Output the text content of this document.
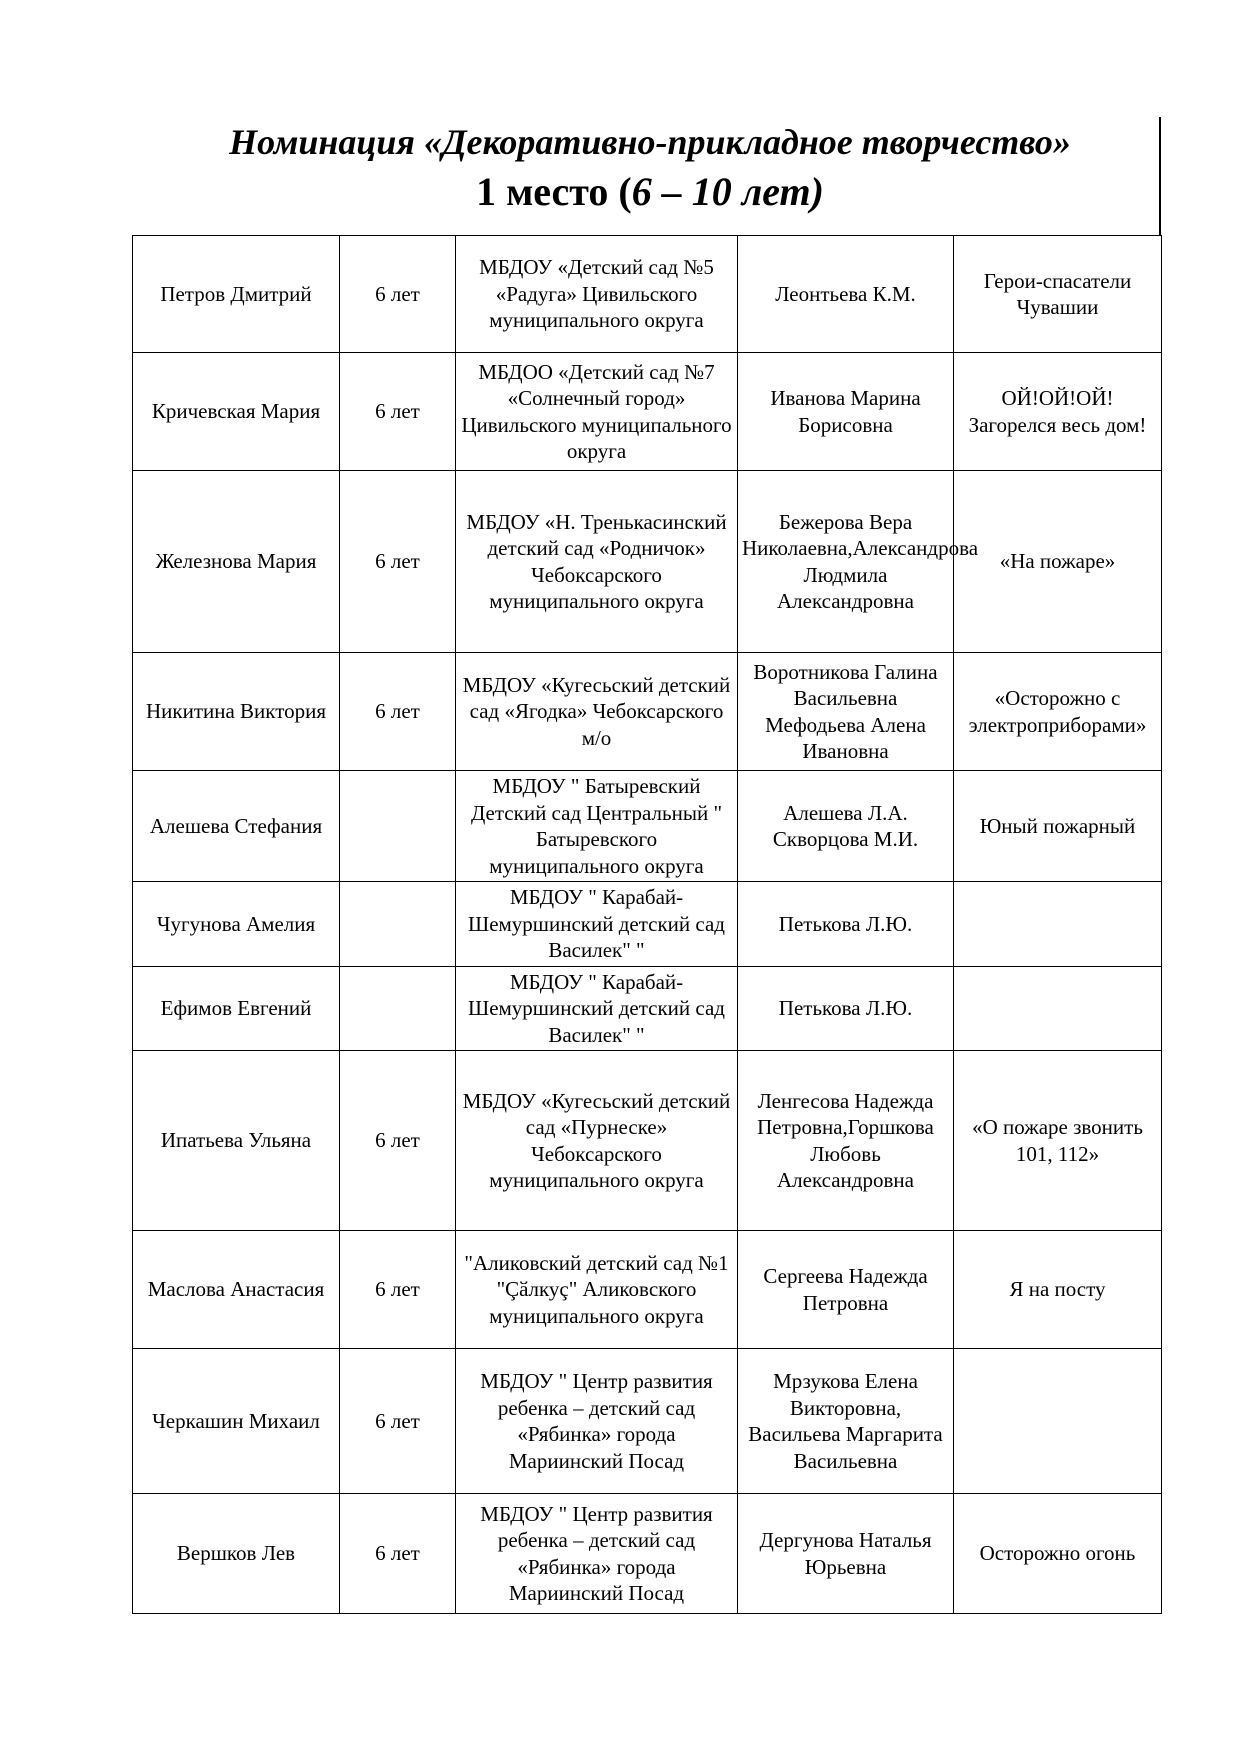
Номинация «Декоративно-прикладное творчество»
1 место (6 – 10 лет)
Петров Дмитрий	6 лет	МБДОУ «Детский сад №5 «Радуга» Цивильского муниципального округа	Леонтьева К.М.	Герои-спасатели Чувашии
Кричевская Мария	6 лет	МБДОО «Детский сад №7 «Солнечный город» Цивильского муниципального округа	Иванова Марина Борисовна	ОЙ!ОЙ!ОЙ! Загорелся весь дом!
Железнова Мария	6 лет	МБДОУ «Н. Тренькасинский детский сад «Родничок» Чебоксарского муниципального округа	Бежерова Вера Николаевна,Александрова Людмила Александровна	«На пожаре»
Никитина Виктория	6 лет	МБДОУ «Кугесьский детский сад «Ягодка» Чебоксарского м/о	Воротникова Галина Васильевна Мефодьева Алена Ивановна	«Осторожно с электроприборами»
Алешева Стефания		МБДОУ " Батыревский Детский сад Центральный " Батыревского муниципального округа	Алешева Л.А. Скворцова М.И.	Юный пожарный
Чугунова Амелия		МБДОУ " Карабай-Шемуршинский детский сад Василек" "	Петькова Л.Ю.	
Ефимов Евгений		МБДОУ " Карабай-Шемуршинский детский сад Василек" "	Петькова Л.Ю.	
Ипатьева Ульяна	6 лет	МБДОУ «Кугесьский детский сад «Пурнеске» Чебоксарского муниципального округа	Ленгесова Надежда Петровна,Горшкова Любовь Александровна	«О пожаре звонить 101, 112»
Маслова Анастасия	6 лет	"Аликовский детский сад №1 "Çӑлкуç" Аликовского муниципального округа	Сергеева Надежда Петровна	Я на посту
Черкашин Михаил	6 лет	МБДОУ " Центр развития ребенка – детский сад «Рябинка» города Мариинский Посад	Мрзукова Елена Викторовна, Васильева Маргарита Васильевна	
Вершков Лев	6 лет	МБДОУ " Центр развития ребенка – детский сад «Рябинка» города Мариинский Посад	Дергунова Наталья Юрьевна	Осторожно огонь
